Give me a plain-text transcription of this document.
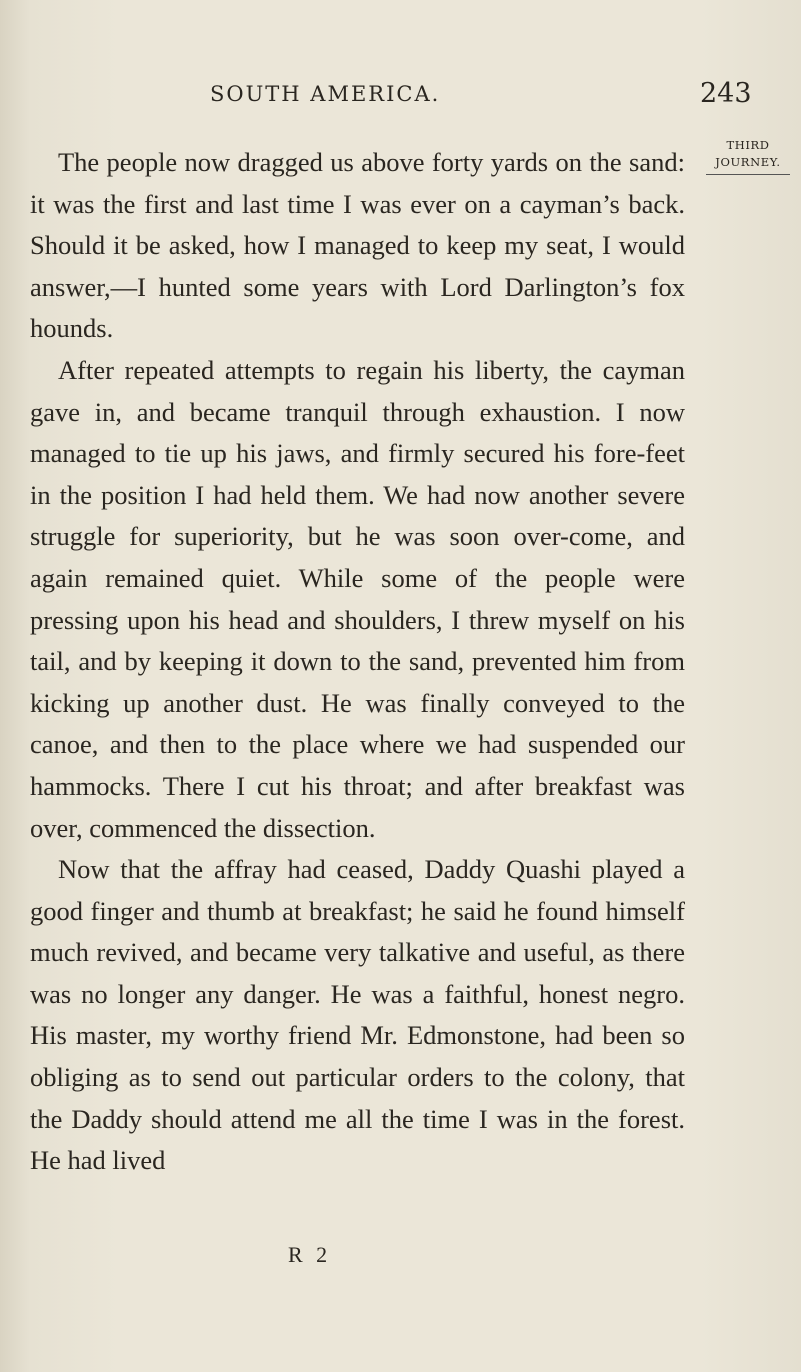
SOUTH AMERICA.	243
THIRD
JOURNEY.

The people now dragged us above forty yards on the sand: it was the first and last time I was ever on a cayman’s back. Should it be asked, how I managed to keep my seat, I would answer,—I hunted some years with Lord Darlington’s fox hounds.

After repeated attempts to regain his liberty, the cayman gave in, and became tranquil through exhaustion. I now managed to tie up his jaws, and firmly secured his fore-feet in the position I had held them. We had now another severe struggle for superiority, but he was soon over-come, and again remained quiet. While some of the people were pressing upon his head and shoulders, I threw myself on his tail, and by keeping it down to the sand, prevented him from kicking up another dust. He was finally conveyed to the canoe, and then to the place where we had suspended our hammocks. There I cut his throat; and after breakfast was over, commenced the dissection.

Now that the affray had ceased, Daddy Quashi played a good finger and thumb at breakfast; he said he found himself much revived, and became very talkative and useful, as there was no longer any danger. He was a faithful, honest negro. His master, my worthy friend Mr. Edmonstone, had been so obliging as to send out particular orders to the colony, that the Daddy should attend me all the time I was in the forest. He had lived

R 2
